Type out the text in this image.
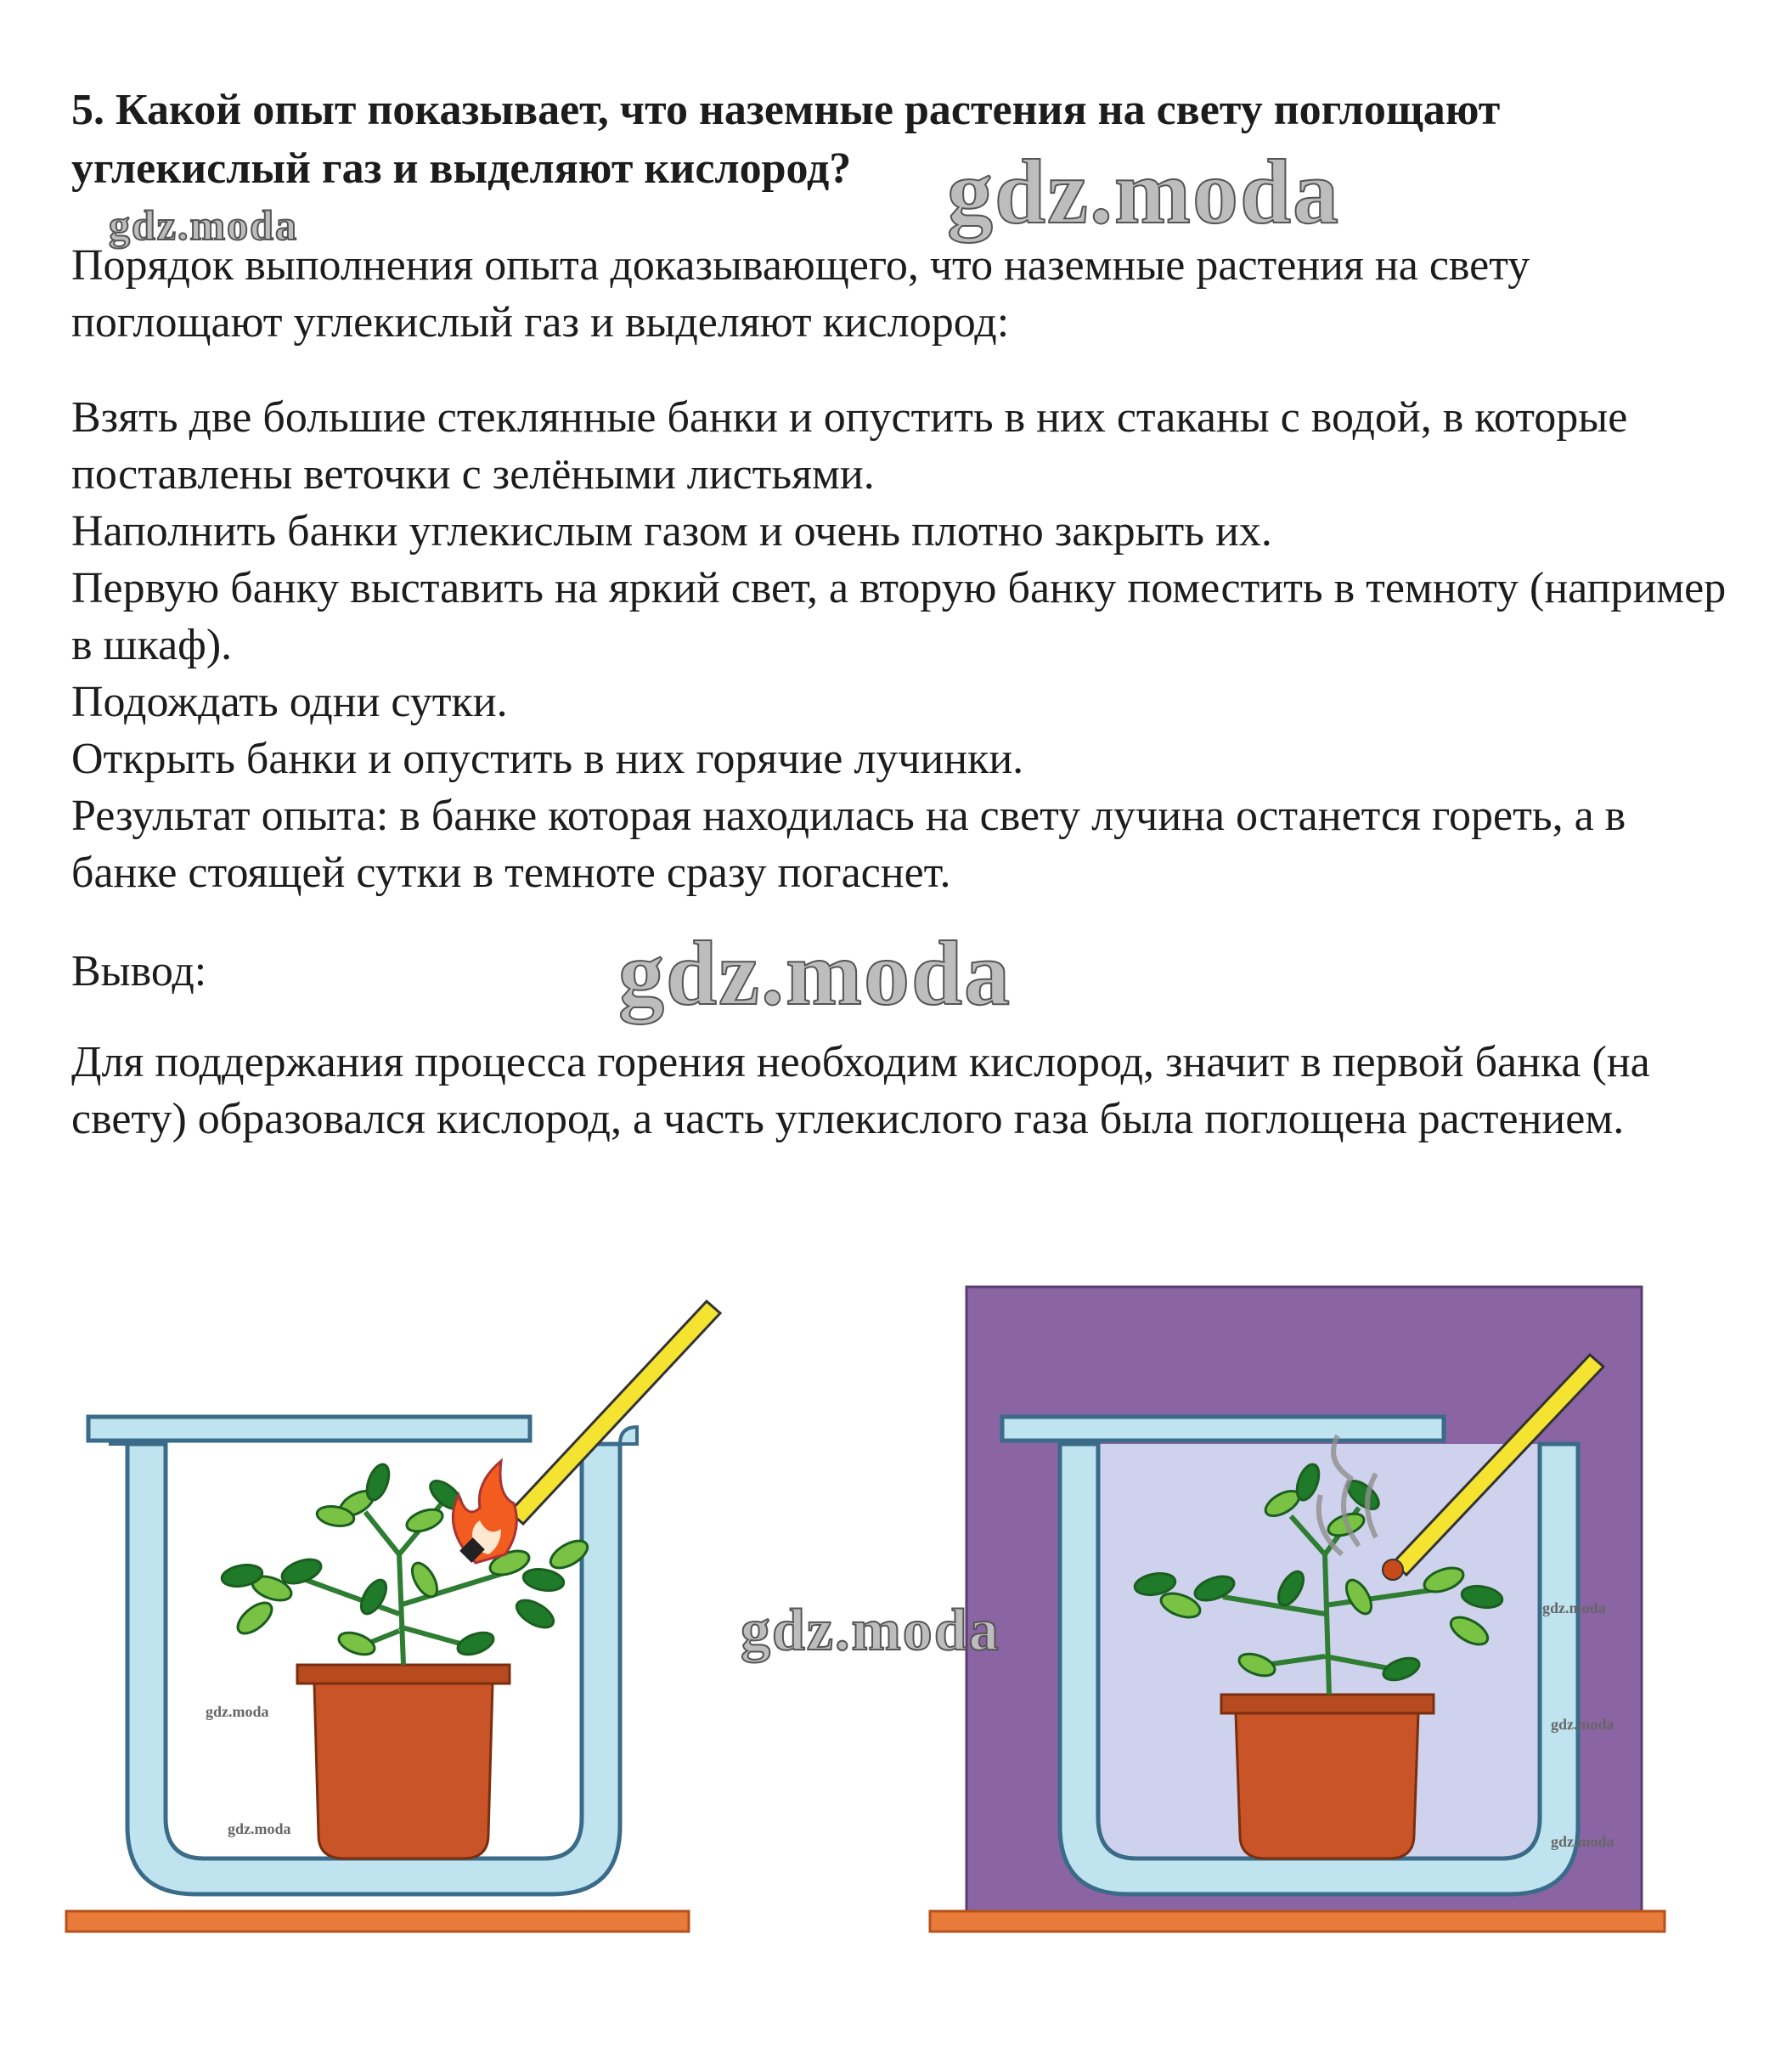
5. Какой опыт показывает, что наземные растения на свету поглощают углекислый газ и выделяют кислород?

Порядок выполнения опыта доказывающего, что наземные растения на свету поглощают углекислый газ и выделяют кислород:

Взять две большие стеклянные банки и опустить в них стаканы с водой, в которые поставлены веточки с зелёными листьями.

Наполнить банки углекислым газом и очень плотно закрыть их.

Первую банку выставить на яркий свет, а вторую банку поместить в темноту (например в шкаф).

Подождать одни сутки.

Открыть банки и опустить в них горячие лучинки.

Результат опыта: в банке которая находилась на свету лучина останется гореть, а в банке стоящей сутки в темноте сразу погаснет.

Вывод:

Для поддержания процесса горения необходим кислород, значит в первой банка (на свету) образовался кислород, а часть углекислого газа была поглощена растением.

gdz.moda
gdz.moda
gdz.moda
gdz.moda
gdz.moda
gdz.moda
gdz.moda
gdz.moda
gdz.moda
